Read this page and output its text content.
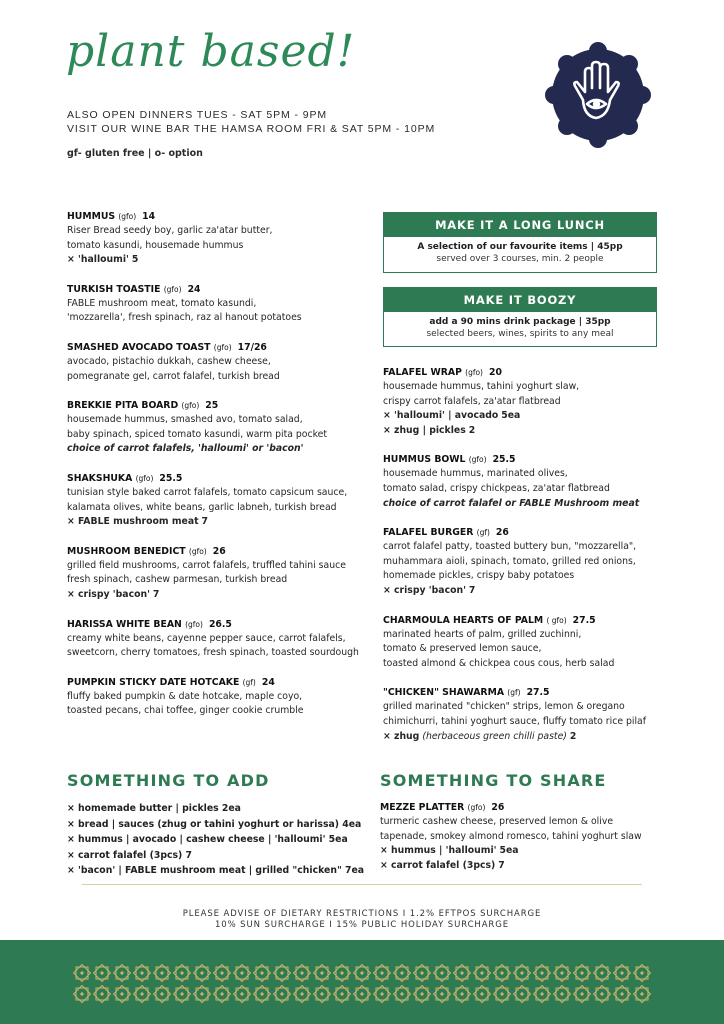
plant based!
ALSO OPEN DINNERS TUES - SAT 5PM - 9PM
VISIT OUR WINE BAR THE HAMSA ROOM FRI & SAT 5PM - 10PM
gf- gluten free | o- option
HUMMUS (gfo) 14
Riser Bread seedy boy, garlic za'atar butter,
tomato kasundi, housemade hummus
× 'halloumi' 5
TURKISH TOASTIE (gfo) 24
FABLE mushroom meat, tomato kasundi,
'mozzarella', fresh spinach, raz al hanout potatoes
SMASHED AVOCADO TOAST (gfo) 17/26
avocado, pistachio dukkah, cashew cheese,
pomegranate gel, carrot falafel, turkish bread
BREKKIE PITA BOARD (gfo) 25
housemade hummus, smashed avo, tomato salad,
baby spinach, spiced tomato kasundi, warm pita pocket
choice of carrot falafels, 'halloumi' or 'bacon'
SHAKSHUKA (gfo) 25.5
tunisian style baked carrot falafels, tomato capsicum sauce,
kalamata olives, white beans, garlic labneh, turkish bread
× FABLE mushroom meat 7
MUSHROOM BENEDICT (gfo) 26
grilled field mushrooms, carrot falafels, truffled tahini sauce
fresh spinach, cashew parmesan, turkish bread
× crispy 'bacon' 7
HARISSA WHITE BEAN (gfo) 26.5
creamy white beans, cayenne pepper sauce, carrot falafels,
sweetcorn, cherry tomatoes, fresh spinach, toasted sourdough
PUMPKIN STICKY DATE HOTCAKE (gf) 24
fluffy baked pumpkin & date hotcake, maple coyo,
toasted pecans, chai toffee, ginger cookie crumble
MAKE IT A LONG LUNCH
A selection of our favourite items | 45pp
served over 3 courses, min. 2 people
MAKE IT BOOZY
add a 90 mins drink package | 35pp
selected beers, wines, spirits to any meal
FALAFEL WRAP (gfo) 20
housemade hummus, tahini yoghurt slaw,
crispy carrot falafels, za'atar flatbread
× 'halloumi' | avocado 5ea
× zhug | pickles 2
HUMMUS BOWL (gfo) 25.5
housemade hummus, marinated olives,
tomato salad, crispy chickpeas, za'atar flatbread
choice of carrot falafel or FABLE Mushroom meat
FALAFEL BURGER (gf) 26
carrot falafel patty, toasted buttery bun, "mozzarella",
muhammara aioli, spinach, tomato, grilled red onions,
homemade pickles, crispy baby potatoes
× crispy 'bacon' 7
CHARMOULA HEARTS OF PALM ( gfo) 27.5
marinated hearts of palm, grilled zuchinni,
tomato & preserved lemon sauce,
toasted almond & chickpea cous cous, herb salad
"CHICKEN" SHAWARMA (gf) 27.5
grilled marinated "chicken" strips, lemon & oregano
chimichurri, tahini yoghurt sauce, fluffy tomato rice pilaf
× zhug (herbaceous green chilli paste) 2
SOMETHING TO ADD	SOMETHING TO SHARE
× homemade butter | pickles 2ea
× bread | sauces (zhug or tahini yoghurt or harissa) 4ea
× hummus | avocado | cashew cheese | 'halloumi' 5ea
× carrot falafel (3pcs) 7
× 'bacon' | FABLE mushroom meat | grilled "chicken" 7ea
MEZZE PLATTER (gfo) 26
turmeric cashew cheese, preserved lemon & olive
tapenade, smokey almond romesco, tahini yoghurt slaw
× hummus | 'halloumi' 5ea
× carrot falafel (3pcs) 7
PLEASE ADVISE OF DIETARY RESTRICTIONS I 1.2% EFTPOS SURCHARGE
10% SUN SURCHARGE I 15% PUBLIC HOLIDAY SURCHARGE
